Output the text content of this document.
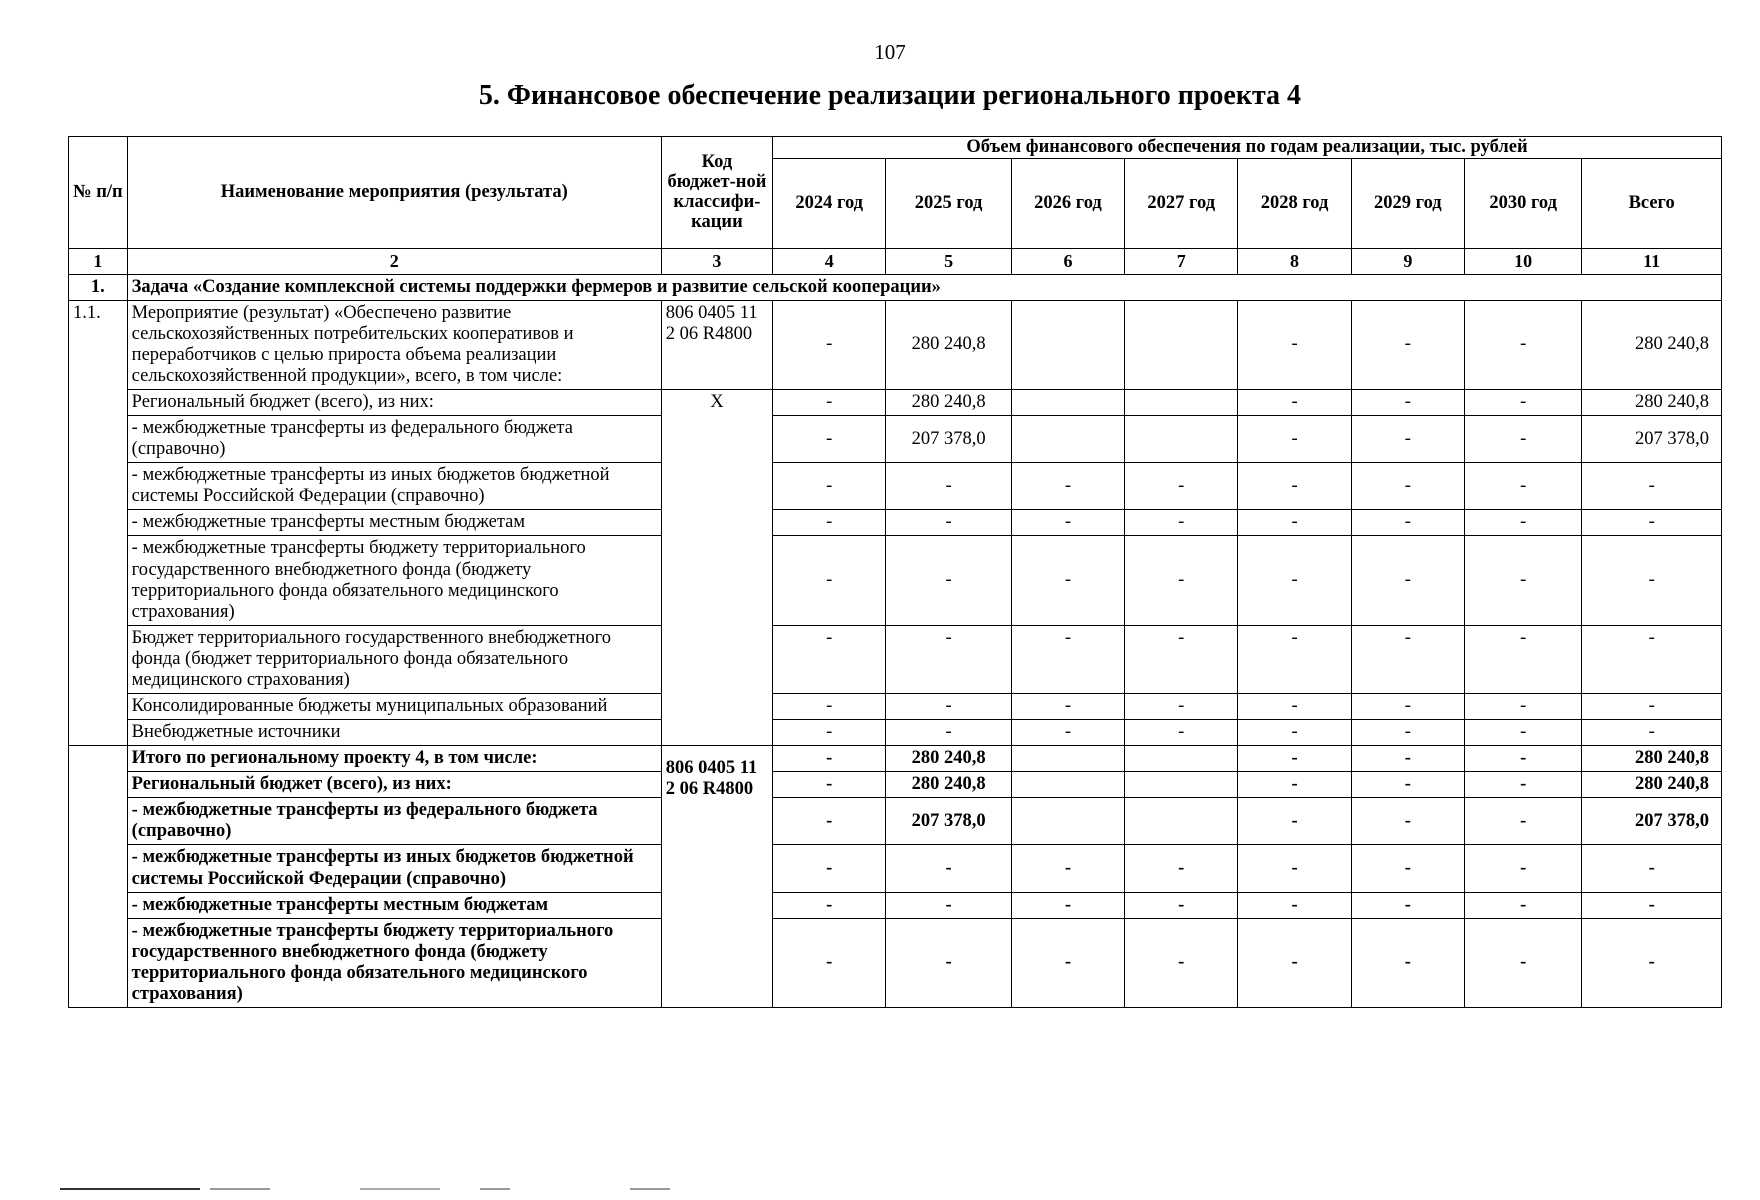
107
5. Финансовое обеспечение реализации регионального проекта 4
№ п/п	Наименование мероприятия (результата)	Код бюджет-ной классифи-кации	Объем финансового обеспечения по годам реализации, тыс. рублей							
			2024 год	2025 год	2026 год	2027 год	2028 год	2029 год	2030 год	Всего
1	2	3	4	5	6	7	8	9	10	11
1.	Задача «Создание комплексной системы поддержки фермеров и развитие сельской кооперации»									
1.1.	Мероприятие (результат) «Обеспечено развитие сельскохозяйственных потребительских кооперативов и переработчиков с целью прироста объема реализации сельскохозяйственной продукции», всего, в том числе:	806 0405 11 2 06 R4800	-	280 240,8			-	-	-	280 240,8
	Региональный бюджет (всего), из них:	X	-	280 240,8			-	-	-	280 240,8
	- межбюджетные трансферты из федерального бюджета (справочно)		-	207 378,0			-	-	-	207 378,0
	- межбюджетные трансферты из иных бюджетов бюджетной системы Российской Федерации (справочно)		-	-	-	-	-	-	-	-
	- межбюджетные трансферты местным бюджетам		-	-	-	-	-	-	-	-
	- межбюджетные трансферты бюджету территориального государственного внебюджетного фонда (бюджету территориального фонда обязательного медицинского страхования)		-	-	-	-	-	-	-	-
	Бюджет территориального государственного внебюджетного фонда (бюджет территориального фонда обязательного медицинского страхования)		-	-	-	-	-	-	-	-
	Консолидированные бюджеты муниципальных образований		-	-	-	-	-	-	-	-
	Внебюджетные источники		-	-	-	-	-	-	-	-
	Итого по региональному проекту 4, в том числе:	806 0405 11 2 06 R4800	-	280 240,8			-	-	-	280 240,8
	Региональный бюджет (всего), из них:		-	280 240,8			-	-	-	280 240,8
	- межбюджетные трансферты из федерального бюджета (справочно)		-	207 378,0			-	-	-	207 378,0
	- межбюджетные трансферты из иных бюджетов бюджетной системы Российской Федерации (справочно)		-	-	-	-	-	-	-	-
	- межбюджетные трансферты местным бюджетам		-	-	-	-	-	-	-	-
	- межбюджетные трансферты бюджету территориального государственного внебюджетного фонда (бюджету территориального фонда обязательного медицинского страхования)		-	-	-	-	-	-	-	-
